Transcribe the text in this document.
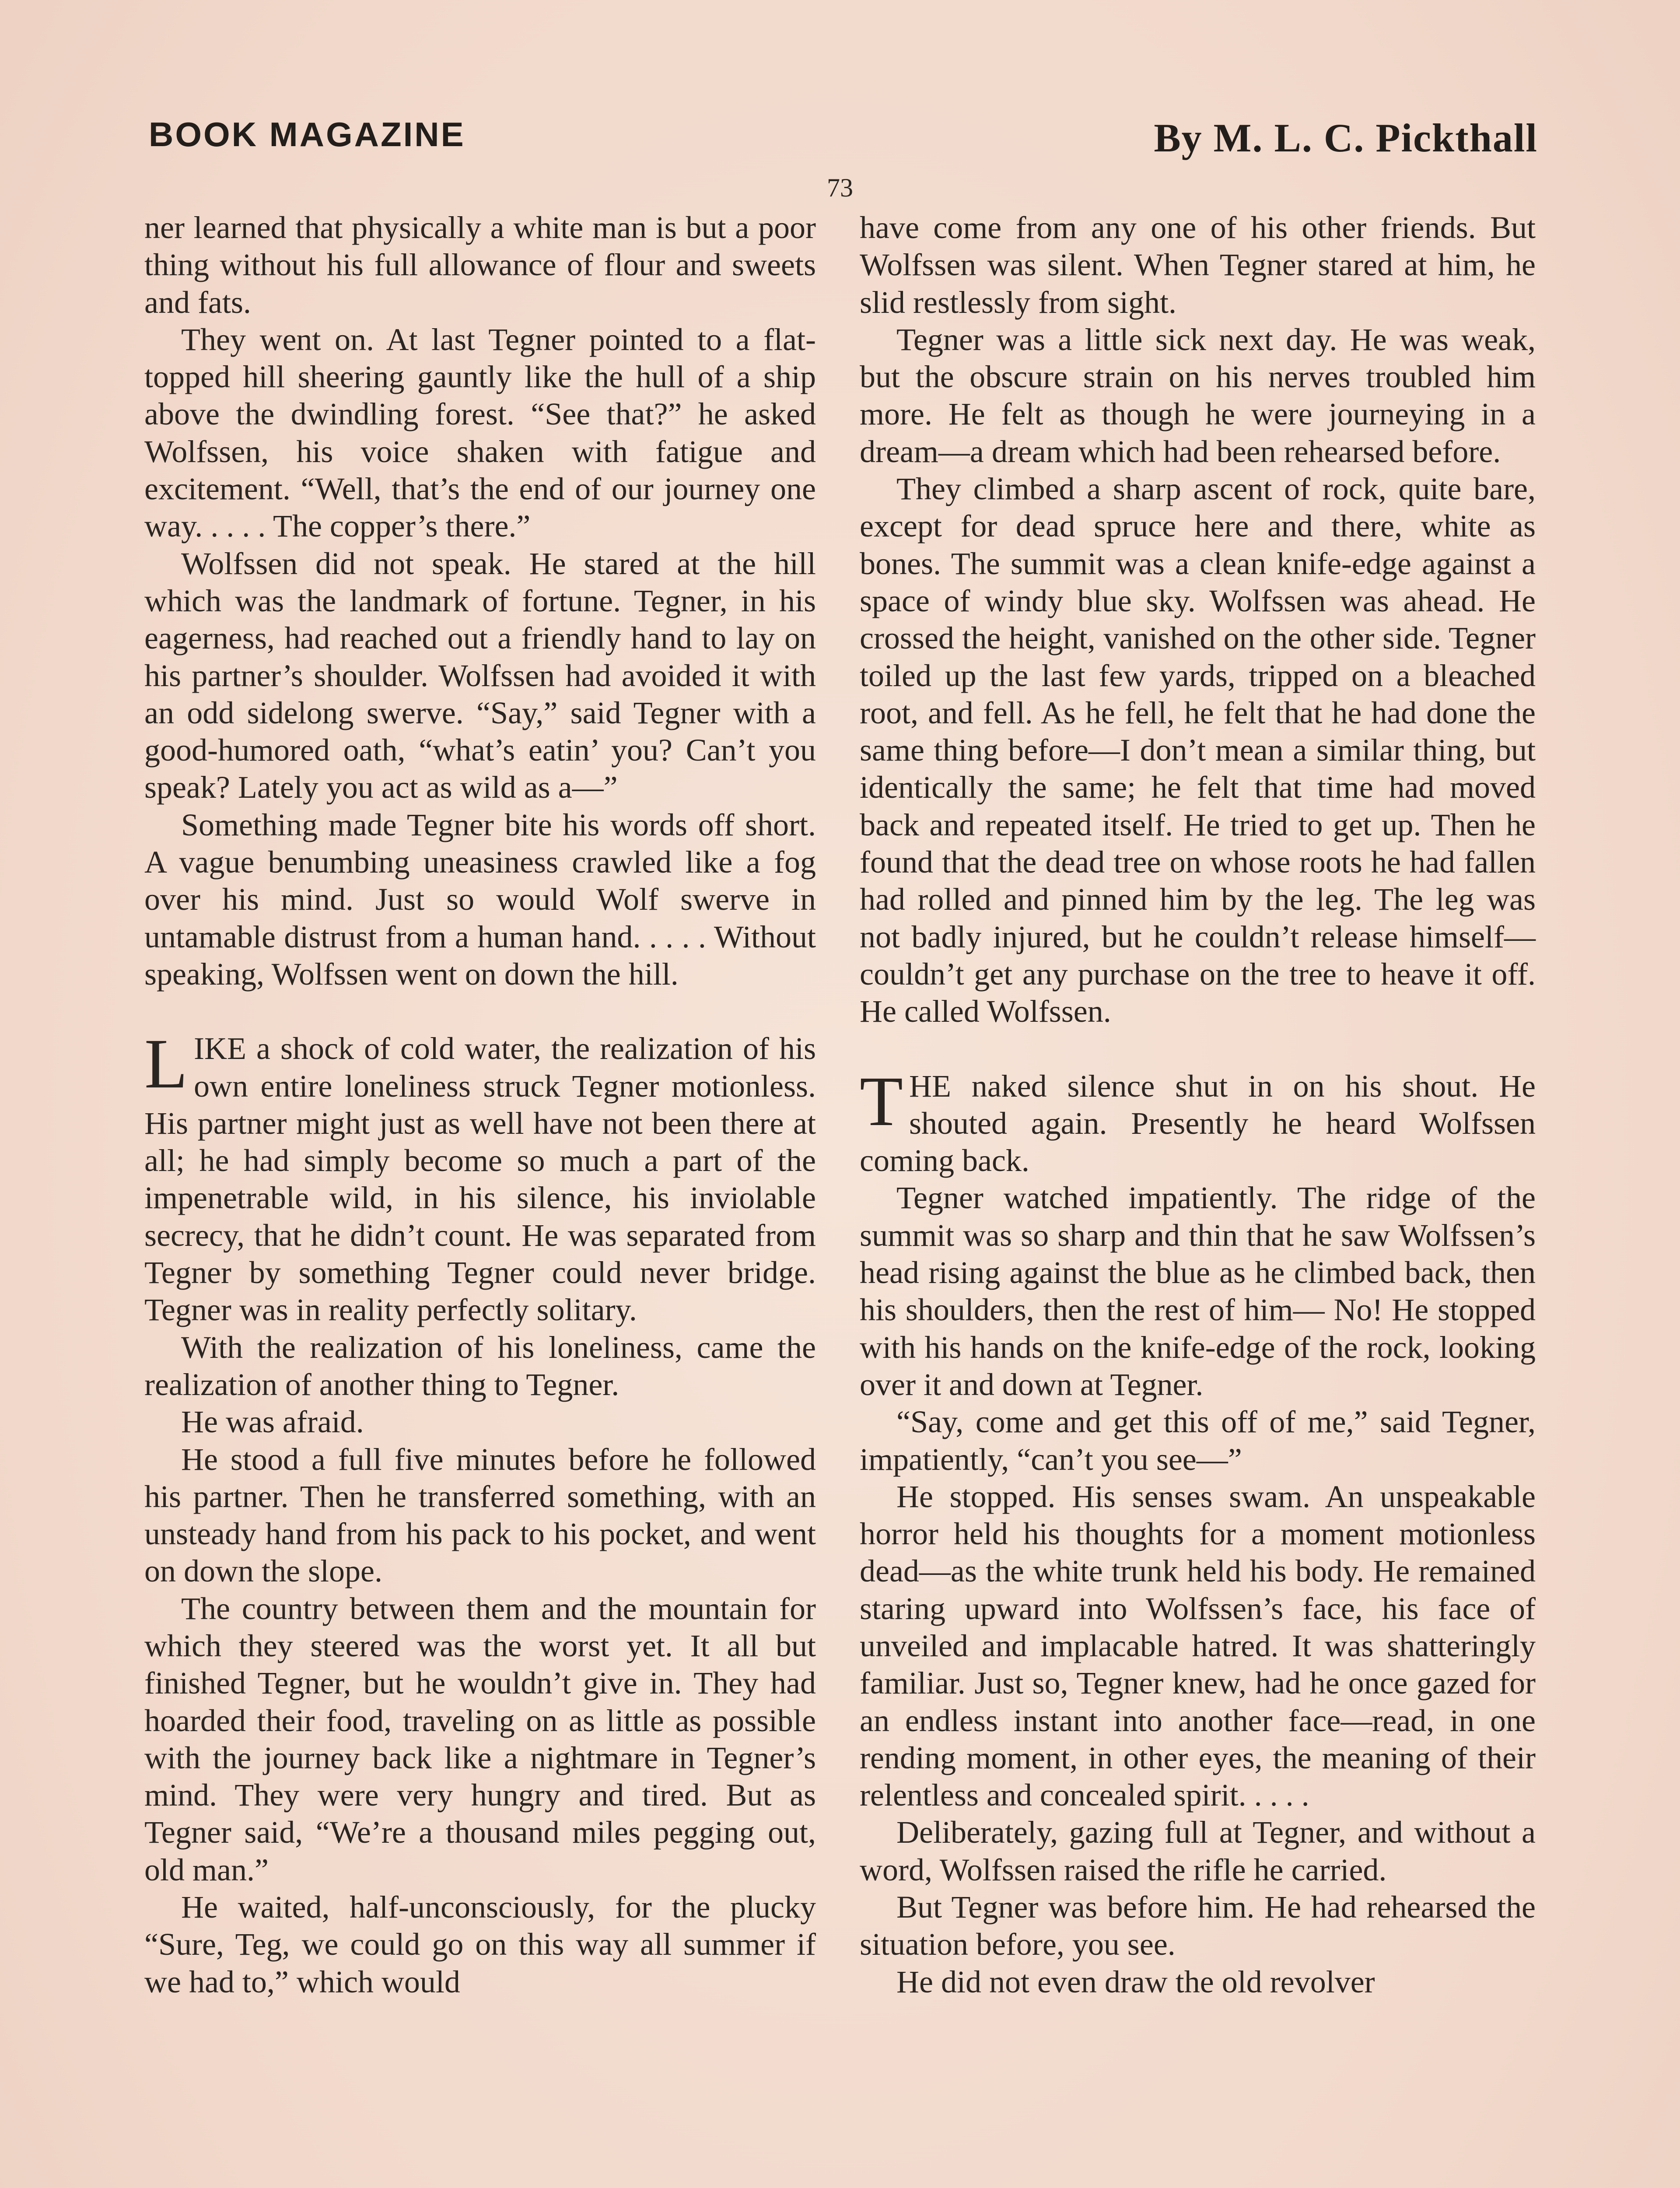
BOOK MAGAZINE	By M. L. C. Pickthall
73

ner learned that physically a white man is but a poor thing without his full allowance of flour and sweets and fats.

They went on. At last Tegner pointed to a flat-topped hill sheering gauntly like the hull of a ship above the dwindling forest. “See that?” he asked Wolfssen, his voice shaken with fatigue and excitement. “Well, that’s the end of our journey one way. . . . . The copper’s there.”

Wolfssen did not speak. He stared at the hill which was the landmark of fortune. Tegner, in his eagerness, had reached out a friendly hand to lay on his partner’s shoulder. Wolfssen had avoided it with an odd sidelong swerve. “Say,” said Tegner with a good-humored oath, “what’s eatin’ you? Can’t you speak? Lately you act as wild as a—”

Something made Tegner bite his words off short. A vague benumbing uneasiness crawled like a fog over his mind. Just so would Wolf swerve in untamable distrust from a human hand. . . . . Without speaking, Wolfssen went on down the hill.

LIKE a shock of cold water, the realization of his own entire loneliness struck Tegner motionless. His partner might just as well have not been there at all; he had simply become so much a part of the impenetrable wild, in his silence, his inviolable secrecy, that he didn’t count. He was separated from Tegner by something Tegner could never bridge. Tegner was in reality perfectly solitary.

With the realization of his loneliness, came the realization of another thing to Tegner.

He was afraid.

He stood a full five minutes before he followed his partner. Then he transferred something, with an unsteady hand from his pack to his pocket, and went on down the slope.

The country between them and the mountain for which they steered was the worst yet. It all but finished Tegner, but he wouldn’t give in. They had hoarded their food, traveling on as little as possible with the journey back like a nightmare in Tegner’s mind. They were very hungry and tired. But as Tegner said, “We’re a thousand miles pegging out, old man.”

He waited, half-unconsciously, for the plucky “Sure, Teg, we could go on this way all summer if we had to,” which would

have come from any one of his other friends. But Wolfssen was silent. When Tegner stared at him, he slid restlessly from sight.

Tegner was a little sick next day. He was weak, but the obscure strain on his nerves troubled him more. He felt as though he were journeying in a dream—a dream which had been rehearsed before.

They climbed a sharp ascent of rock, quite bare, except for dead spruce here and there, white as bones. The summit was a clean knife-edge against a space of windy blue sky. Wolfssen was ahead. He crossed the height, vanished on the other side. Tegner toiled up the last few yards, tripped on a bleached root, and fell. As he fell, he felt that he had done the same thing before—I don’t mean a similar thing, but identically the same; he felt that time had moved back and repeated itself. He tried to get up. Then he found that the dead tree on whose roots he had fallen had rolled and pinned him by the leg. The leg was not badly injured, but he couldn’t release himself—couldn’t get any purchase on the tree to heave it off. He called Wolfssen.

THE naked silence shut in on his shout. He shouted again. Presently he heard Wolfssen coming back.

Tegner watched impatiently. The ridge of the summit was so sharp and thin that he saw Wolfssen’s head rising against the blue as he climbed back, then his shoulders, then the rest of him— No! He stopped with his hands on the knife-edge of the rock, looking over it and down at Tegner.

“Say, come and get this off of me,” said Tegner, impatiently, “can’t you see—”

He stopped. His senses swam. An unspeakable horror held his thoughts for a moment motionless dead—as the white trunk held his body. He remained staring upward into Wolfssen’s face, his face of unveiled and implacable hatred. It was shatteringly familiar. Just so, Tegner knew, had he once gazed for an endless instant into another face—read, in one rending moment, in other eyes, the meaning of their relentless and concealed spirit. . . . .

Deliberately, gazing full at Tegner, and without a word, Wolfssen raised the rifle he carried.

But Tegner was before him. He had rehearsed the situation before, you see.

He did not even draw the old revolver
